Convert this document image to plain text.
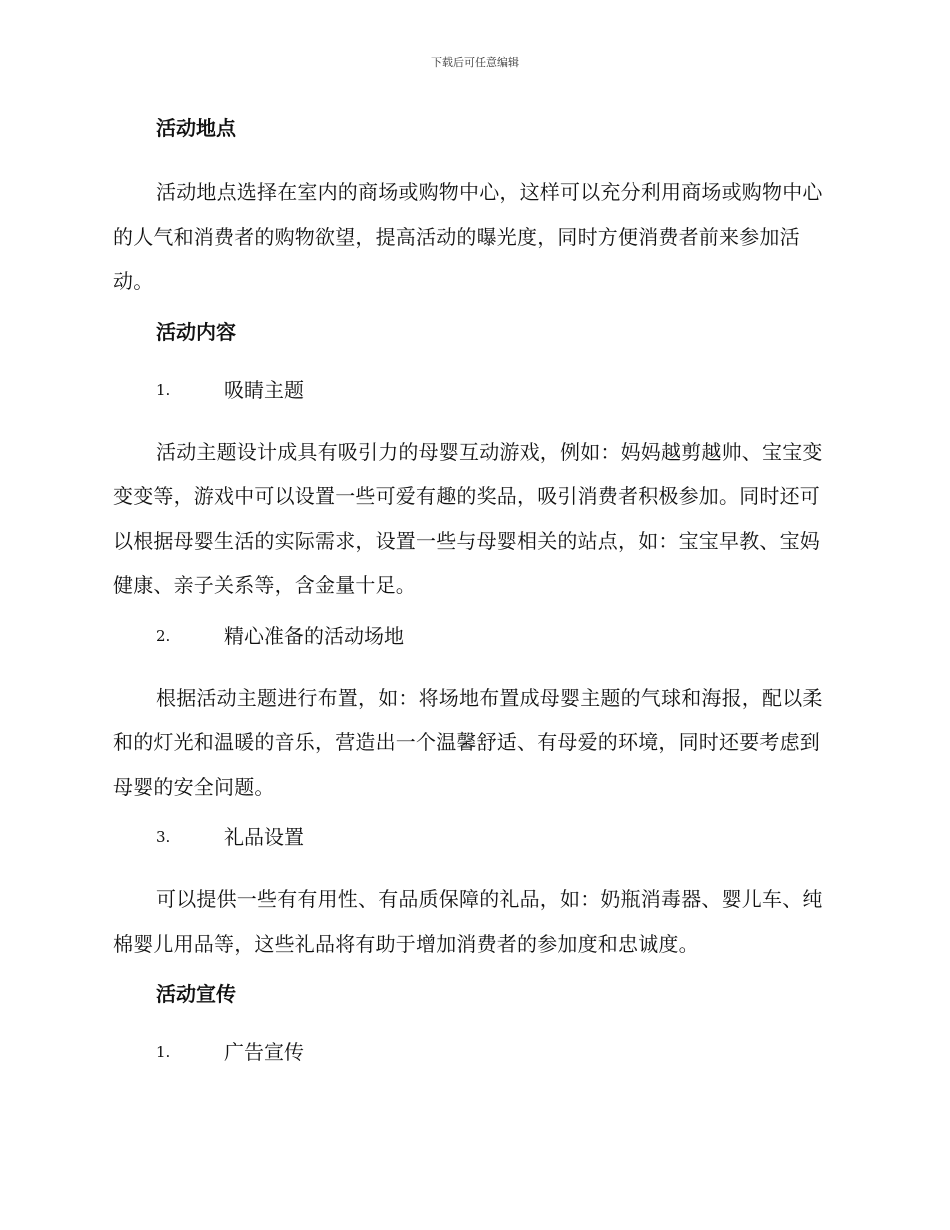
下载后可任意编辑
活动地点
活动地点选择在室内的商场或购物中心，这样可以充分利用商场或购物中心的人气和消费者的购物欲望，提高活动的曝光度，同时方便消费者前来参加活动。
活动内容
1.	吸睛主题
活动主题设计成具有吸引力的母婴互动游戏，例如：妈妈越剪越帅、宝宝变变变等，游戏中可以设置一些可爱有趣的奖品，吸引消费者积极参加。同时还可以根据母婴生活的实际需求，设置一些与母婴相关的站点，如：宝宝早教、宝妈健康、亲子关系等，含金量十足。
2.	精心准备的活动场地
根据活动主题进行布置，如：将场地布置成母婴主题的气球和海报，配以柔和的灯光和温暖的音乐，营造出一个温馨舒适、有母爱的环境，同时还要考虑到母婴的安全问题。
3.	礼品设置
可以提供一些有有用性、有品质保障的礼品，如：奶瓶消毒器、婴儿车、纯棉婴儿用品等，这些礼品将有助于增加消费者的参加度和忠诚度。
活动宣传
1.	广告宣传
